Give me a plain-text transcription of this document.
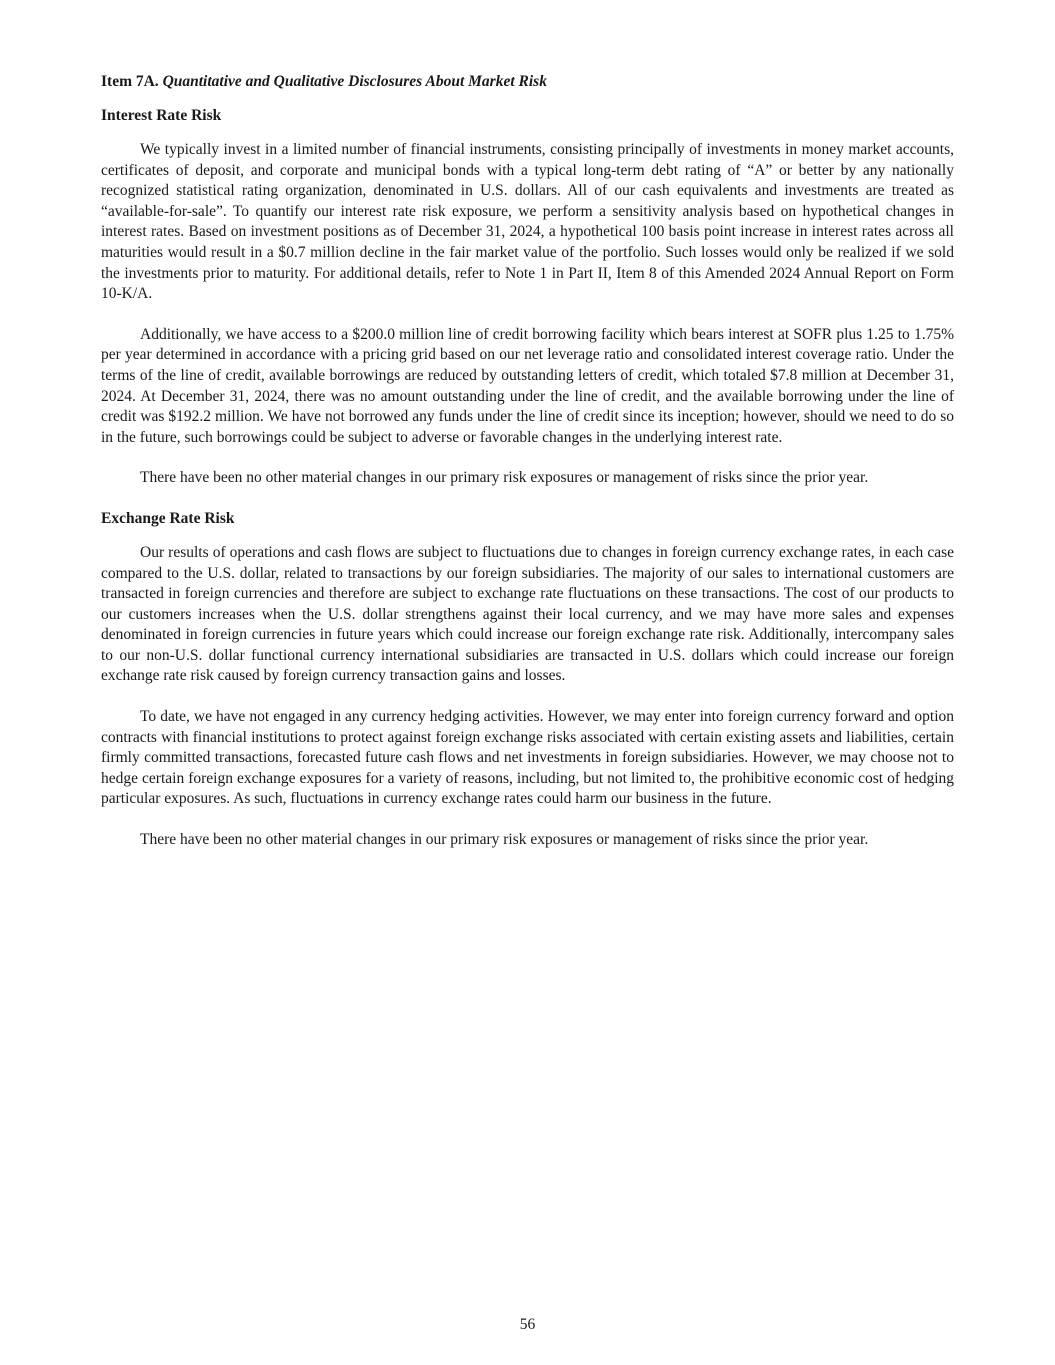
Item 7A. Quantitative and Qualitative Disclosures About Market Risk

Interest Rate Risk

We typically invest in a limited number of financial instruments, consisting principally of investments in money market accounts, certificates of deposit, and corporate and municipal bonds with a typical long-term debt rating of “A” or better by any nationally recognized statistical rating organization, denominated in U.S. dollars. All of our cash equivalents and investments are treated as “available-for-sale”. To quantify our interest rate risk exposure, we perform a sensitivity analysis based on hypothetical changes in interest rates. Based on investment positions as of December 31, 2024, a hypothetical 100 basis point increase in interest rates across all maturities would result in a $0.7 million decline in the fair market value of the portfolio. Such losses would only be realized if we sold the investments prior to maturity. For additional details, refer to Note 1 in Part II, Item 8 of this Amended 2024 Annual Report on Form 10-K/A.

Additionally, we have access to a $200.0 million line of credit borrowing facility which bears interest at SOFR plus 1.25 to 1.75% per year determined in accordance with a pricing grid based on our net leverage ratio and consolidated interest coverage ratio. Under the terms of the line of credit, available borrowings are reduced by outstanding letters of credit, which totaled $7.8 million at December 31, 2024. At December 31, 2024, there was no amount outstanding under the line of credit, and the available borrowing under the line of credit was $192.2 million. We have not borrowed any funds under the line of credit since its inception; however, should we need to do so in the future, such borrowings could be subject to adverse or favorable changes in the underlying interest rate.

There have been no other material changes in our primary risk exposures or management of risks since the prior year.

Exchange Rate Risk

Our results of operations and cash flows are subject to fluctuations due to changes in foreign currency exchange rates, in each case compared to the U.S. dollar, related to transactions by our foreign subsidiaries. The majority of our sales to international customers are transacted in foreign currencies and therefore are subject to exchange rate fluctuations on these transactions. The cost of our products to our customers increases when the U.S. dollar strengthens against their local currency, and we may have more sales and expenses denominated in foreign currencies in future years which could increase our foreign exchange rate risk. Additionally, intercompany sales to our non-U.S. dollar functional currency international subsidiaries are transacted in U.S. dollars which could increase our foreign exchange rate risk caused by foreign currency transaction gains and losses.

To date, we have not engaged in any currency hedging activities. However, we may enter into foreign currency forward and option contracts with financial institutions to protect against foreign exchange risks associated with certain existing assets and liabilities, certain firmly committed transactions, forecasted future cash flows and net investments in foreign subsidiaries. However, we may choose not to hedge certain foreign exchange exposures for a variety of reasons, including, but not limited to, the prohibitive economic cost of hedging particular exposures. As such, fluctuations in currency exchange rates could harm our business in the future.

There have been no other material changes in our primary risk exposures or management of risks since the prior year.

56
